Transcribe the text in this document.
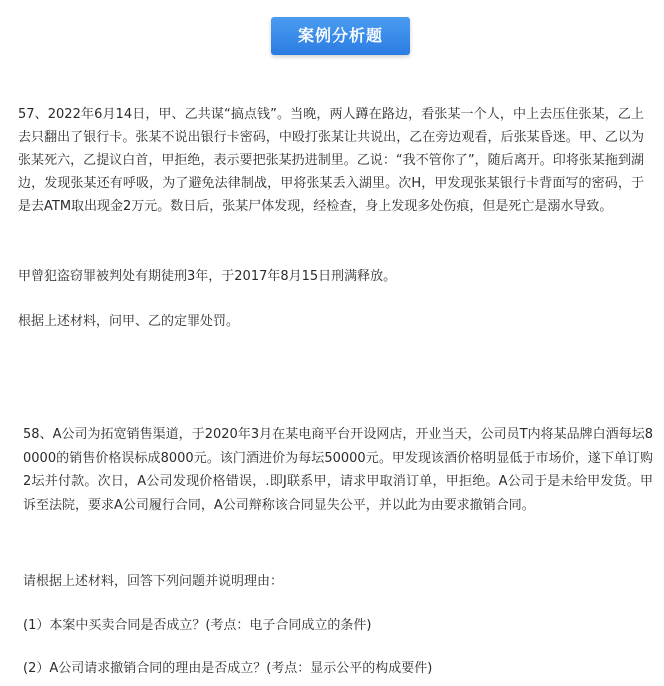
案例分析题

57、2022年6月14日，甲、乙共谋“搞点钱”。当晚，两人蹲在路边，看张某一个人，中上去压住张某，乙上去只翻出了银行卡。张某不说出银行卡密码，中殴打张某让共说出，乙在旁边观看，后张某昏迷。甲、乙以为张某死六，乙提议白首，甲拒绝，表示要把张某扔进制里。乙说：“我不管你了”，随后离开。印将张某拖到湖边，发现张某还有呼吸，为了避免法律制战，甲将张某丢入湖里。次H，甲发现张某银行卡背面写的密码，于是去ATM取出现金2万元。数日后，张某尸体发现，经检查，身上发现多处伤痕，但是死亡是溺水导致。

甲曾犯盗窃罪被判处有期徒刑3年，于2017年8月15日刑满释放。

根据上述材料，问甲、乙的定罪处罚。

58、A公司为拓宽销售渠道，于2020年3月在某电商平台开设网店，开业当天，公司员T内将某品牌白酒每坛80000的销售价格误标成8000元。该门酒进价为每坛50000元。甲发现该酒价格明显低于市场价，遂下单订购2坛并付款。次日，A公司发现价格错误，.即J联系甲，请求甲取消订单，甲拒绝。A公司于是未给甲发货。甲诉至法院，要求A公司履行合同，A公司辩称该合同显失公平，并以此为由要求撤销合同。

请根据上述材料，回答下列问题并说明理由：

(1）本案中买卖合同是否成立？(考点：电子合同成立的条件)

(2）A公司请求撤销合同的理由是否成立？(考点：显示公平的构成要件)
